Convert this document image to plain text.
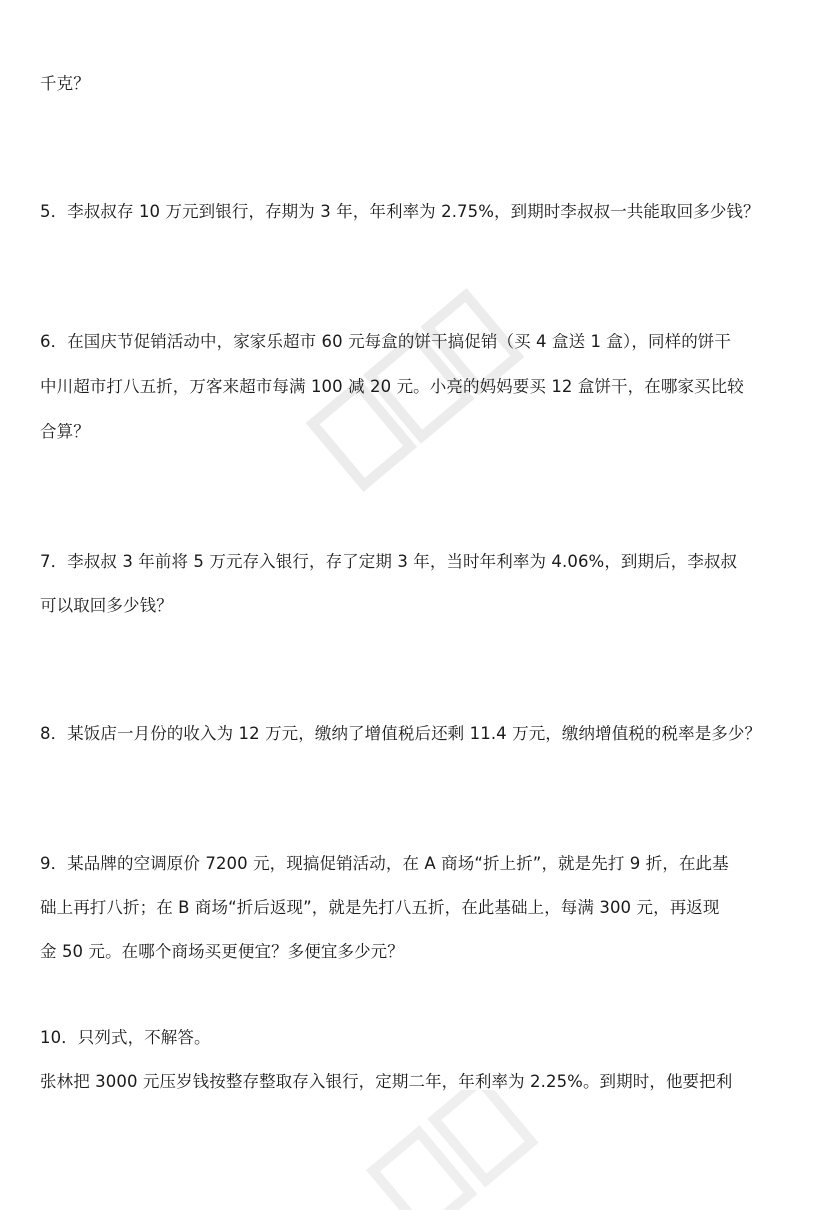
千克？
5．李叔叔存 10 万元到银行，存期为 3 年，年利率为 2.75%，到期时李叔叔一共能取回多少钱？
6．在国庆节促销活动中，家家乐超市 60 元每盒的饼干搞促销（买 4 盒送 1 盒），同样的饼干
中川超市打八五折，万客来超市每满 100 减 20 元。小亮的妈妈要买 12 盒饼干，在哪家买比较
合算？
7．李叔叔 3 年前将 5 万元存入银行，存了定期 3 年，当时年利率为 4.06%，到期后，李叔叔
可以取回多少钱？
8．某饭店一月份的收入为 12 万元，缴纳了增值税后还剩 11.4 万元，缴纳增值税的税率是多少？
9．某品牌的空调原价 7200 元，现搞促销活动，在 A 商场“折上折”，就是先打 9 折，在此基
础上再打八折；在 B 商场“折后返现”，就是先打八五折，在此基础上，每满 300 元，再返现
金 50 元。在哪个商场买更便宜？多便宜多少元？
10．只列式，不解答。
张林把 3000 元压岁钱按整存整取存入银行，定期二年，年利率为 2.25%。到期时，他要把利
